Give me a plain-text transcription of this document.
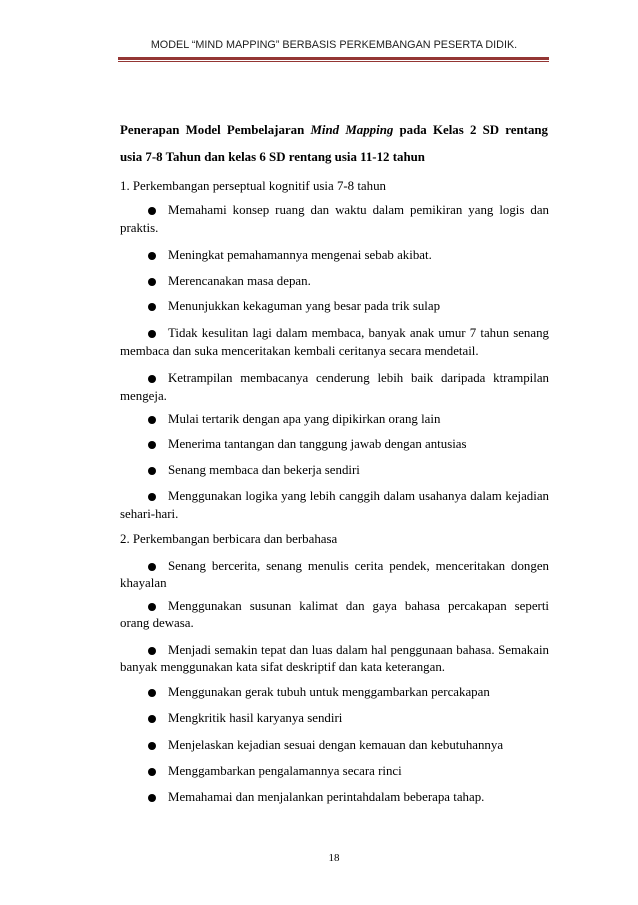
MODEL “MIND MAPPING” BERBASIS PERKEMBANGAN PESERTA DIDIK.
Penerapan Model Pembelajaran Mind Mapping pada Kelas 2 SD rentang
usia 7-8 Tahun dan kelas 6 SD rentang usia 11-12 tahun
1. Perkembangan perseptual kognitif usia 7-8 tahun
Memahami konsep ruang dan waktu dalam pemikiran yang logis dan
praktis.
Meningkat pemahamannya mengenai sebab akibat.
Merencanakan masa depan.
Menunjukkan kekaguman yang besar pada trik sulap
Tidak kesulitan lagi dalam membaca, banyak anak umur 7 tahun senang
membaca dan suka menceritakan kembali ceritanya secara mendetail.
Ketrampilan membacanya cenderung lebih baik daripada ktrampilan
mengeja.
Mulai tertarik dengan apa yang dipikirkan orang lain
Menerima tantangan dan tanggung jawab dengan antusias
Senang membaca dan bekerja sendiri
Menggunakan logika yang lebih canggih dalam usahanya dalam kejadian
sehari-hari.
2. Perkembangan berbicara dan berbahasa
Senang bercerita, senang menulis cerita pendek, menceritakan dongen
khayalan
Menggunakan susunan kalimat dan gaya bahasa percakapan seperti
orang dewasa.
Menjadi semakin tepat dan luas dalam hal penggunaan bahasa. Semakain
banyak menggunakan kata sifat deskriptif dan kata keterangan.
Menggunakan gerak tubuh untuk menggambarkan percakapan
Mengkritik hasil karyanya sendiri
Menjelaskan kejadian sesuai dengan kemauan dan kebutuhannya
Menggambarkan pengalamannya secara rinci
Memahamai dan menjalankan perintahdalam beberapa tahap.
18
